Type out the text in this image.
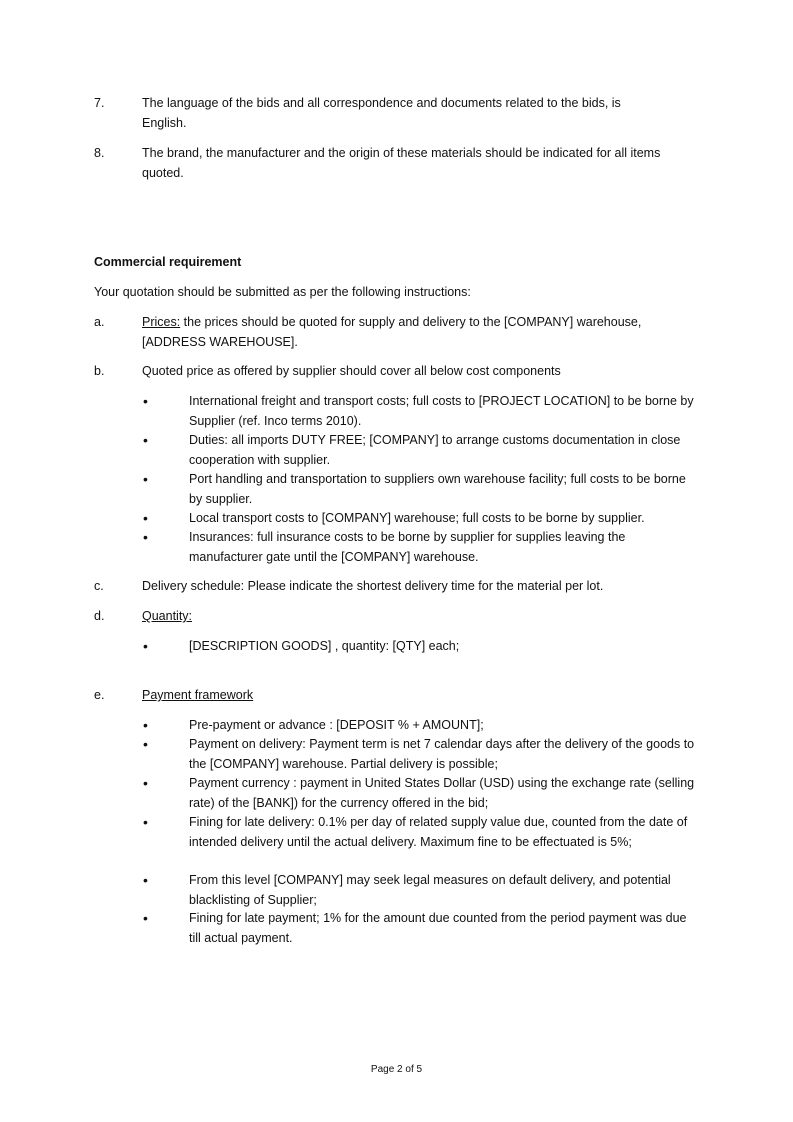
7.	The language of the bids and all correspondence and documents related to the bids, is English.
8.	The brand, the manufacturer and the origin of these materials should be indicated for all items quoted.
Commercial requirement
Your quotation should be submitted as per the following instructions:
a.	Prices: the prices should be quoted for supply and delivery to the [COMPANY] warehouse, [ADDRESS WAREHOUSE].
b.	Quoted price as offered by supplier should cover all below cost components
•	International freight and transport costs; full costs to [PROJECT LOCATION] to be borne by Supplier (ref. Inco terms 2010).
•	Duties: all imports DUTY FREE; [COMPANY] to arrange customs documentation in close cooperation with supplier.
•	Port handling and transportation to suppliers own warehouse facility; full costs to be borne by supplier.
•	Local transport costs to [COMPANY] warehouse; full costs to be borne by supplier.
•	Insurances: full insurance costs to be borne by supplier for supplies leaving the manufacturer gate until the [COMPANY] warehouse.
c.	Delivery schedule: Please indicate the shortest delivery time for the material per lot.
d.	Quantity:
•	[DESCRIPTION GOODS] , quantity: [QTY] each;
e.	Payment framework
•	Pre-payment or advance : [DEPOSIT % + AMOUNT];
•	Payment on delivery: Payment term is net 7 calendar days after the delivery of the goods to the [COMPANY] warehouse. Partial delivery is possible;
•	Payment currency : payment in United States Dollar (USD) using the exchange rate (selling rate) of the [BANK]) for the currency offered in the bid;
•	Fining for late delivery: 0.1% per day of related supply value due, counted from the date of intended delivery until the actual delivery. Maximum fine to be effectuated is 5%;
•	From this level [COMPANY] may seek legal measures on default delivery, and potential blacklisting of Supplier;
•	Fining for late payment; 1% for the amount due counted from the period payment was due till actual payment.
Page 2 of 5
